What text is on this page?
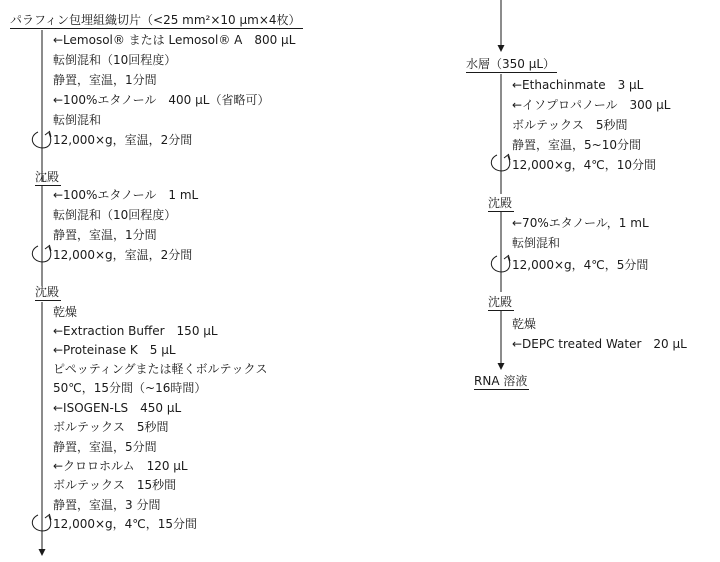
パラフィン包埋組織切片（<25 mm²×10 μm×4枚）
←Lemosol® または Lemosol® A　800 μL
転倒混和（10回程度）
静置，室温，1分間
←100%エタノール　400 μL（省略可）
転倒混和
12,000×g，室温，2分間
沈殿
←100%エタノール　1 mL
転倒混和（10回程度）
静置，室温，1分間
12,000×g，室温，2分間
沈殿
乾燥
←Extraction Buffer　150 μL
←Proteinase K　5 μL
ピペッティングまたは軽くボルテックス
50℃，15分間（~16時間）
←ISOGEN-LS　450 μL
ボルテックス　5秒間
静置，室温，5分間
←クロロホルム　120 μL
ボルテックス　15秒間
静置，室温，3 分間
12,000×g，4℃，15分間
水層（350 μL）
←Ethachinmate　3 μL
←イソプロパノール　300 μL
ボルテックス　5秒間
静置，室温，5~10分間
12,000×g，4℃，10分間
沈殿
←70%エタノール，1 mL
転倒混和
12,000×g，4℃，5分間
沈殿
乾燥
←DEPC treated Water　20 μL
RNA 溶液
